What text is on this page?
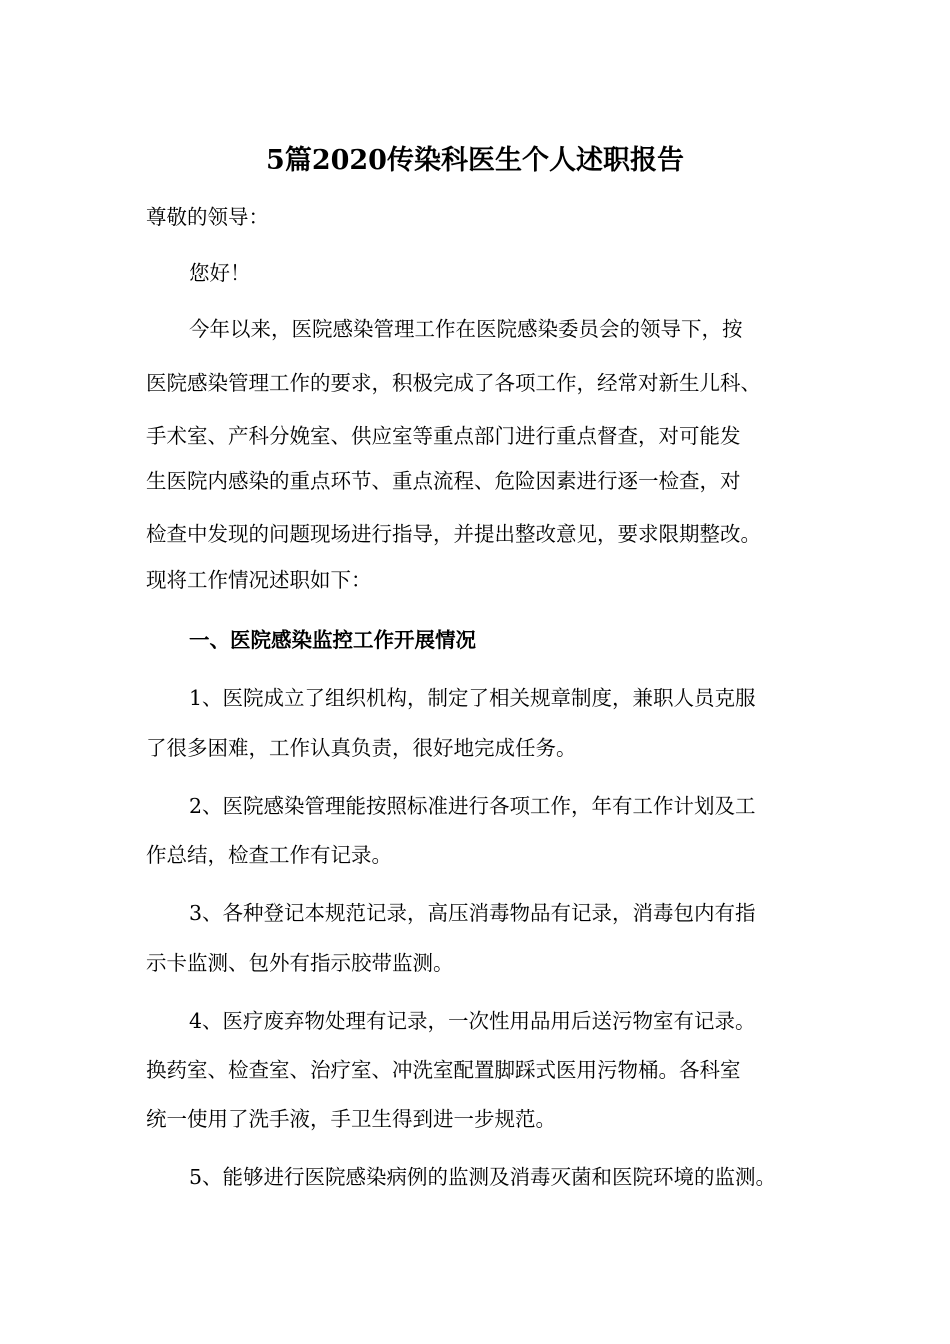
5篇2020传染科医生个人述职报告
尊敬的领导：
您好！
今年以来，医院感染管理工作在医院感染委员会的领导下，按
医院感染管理工作的要求，积极完成了各项工作，经常对新生儿科、
手术室、产科分娩室、供应室等重点部门进行重点督查，对可能发
生医院内感染的重点环节、重点流程、危险因素进行逐一检查，对
检查中发现的问题现场进行指导，并提出整改意见，要求限期整改。
现将工作情况述职如下：
一、医院感染监控工作开展情况
1、医院成立了组织机构，制定了相关规章制度，兼职人员克服
了很多困难，工作认真负责，很好地完成任务。
2、医院感染管理能按照标准进行各项工作，年有工作计划及工
作总结，检查工作有记录。
3、各种登记本规范记录，高压消毒物品有记录，消毒包内有指
示卡监测、包外有指示胶带监测。
4、医疗废弃物处理有记录，一次性用品用后送污物室有记录。
换药室、检查室、治疗室、冲洗室配置脚踩式医用污物桶。各科室
统一使用了洗手液，手卫生得到进一步规范。
5、能够进行医院感染病例的监测及消毒灭菌和医院环境的监测。
